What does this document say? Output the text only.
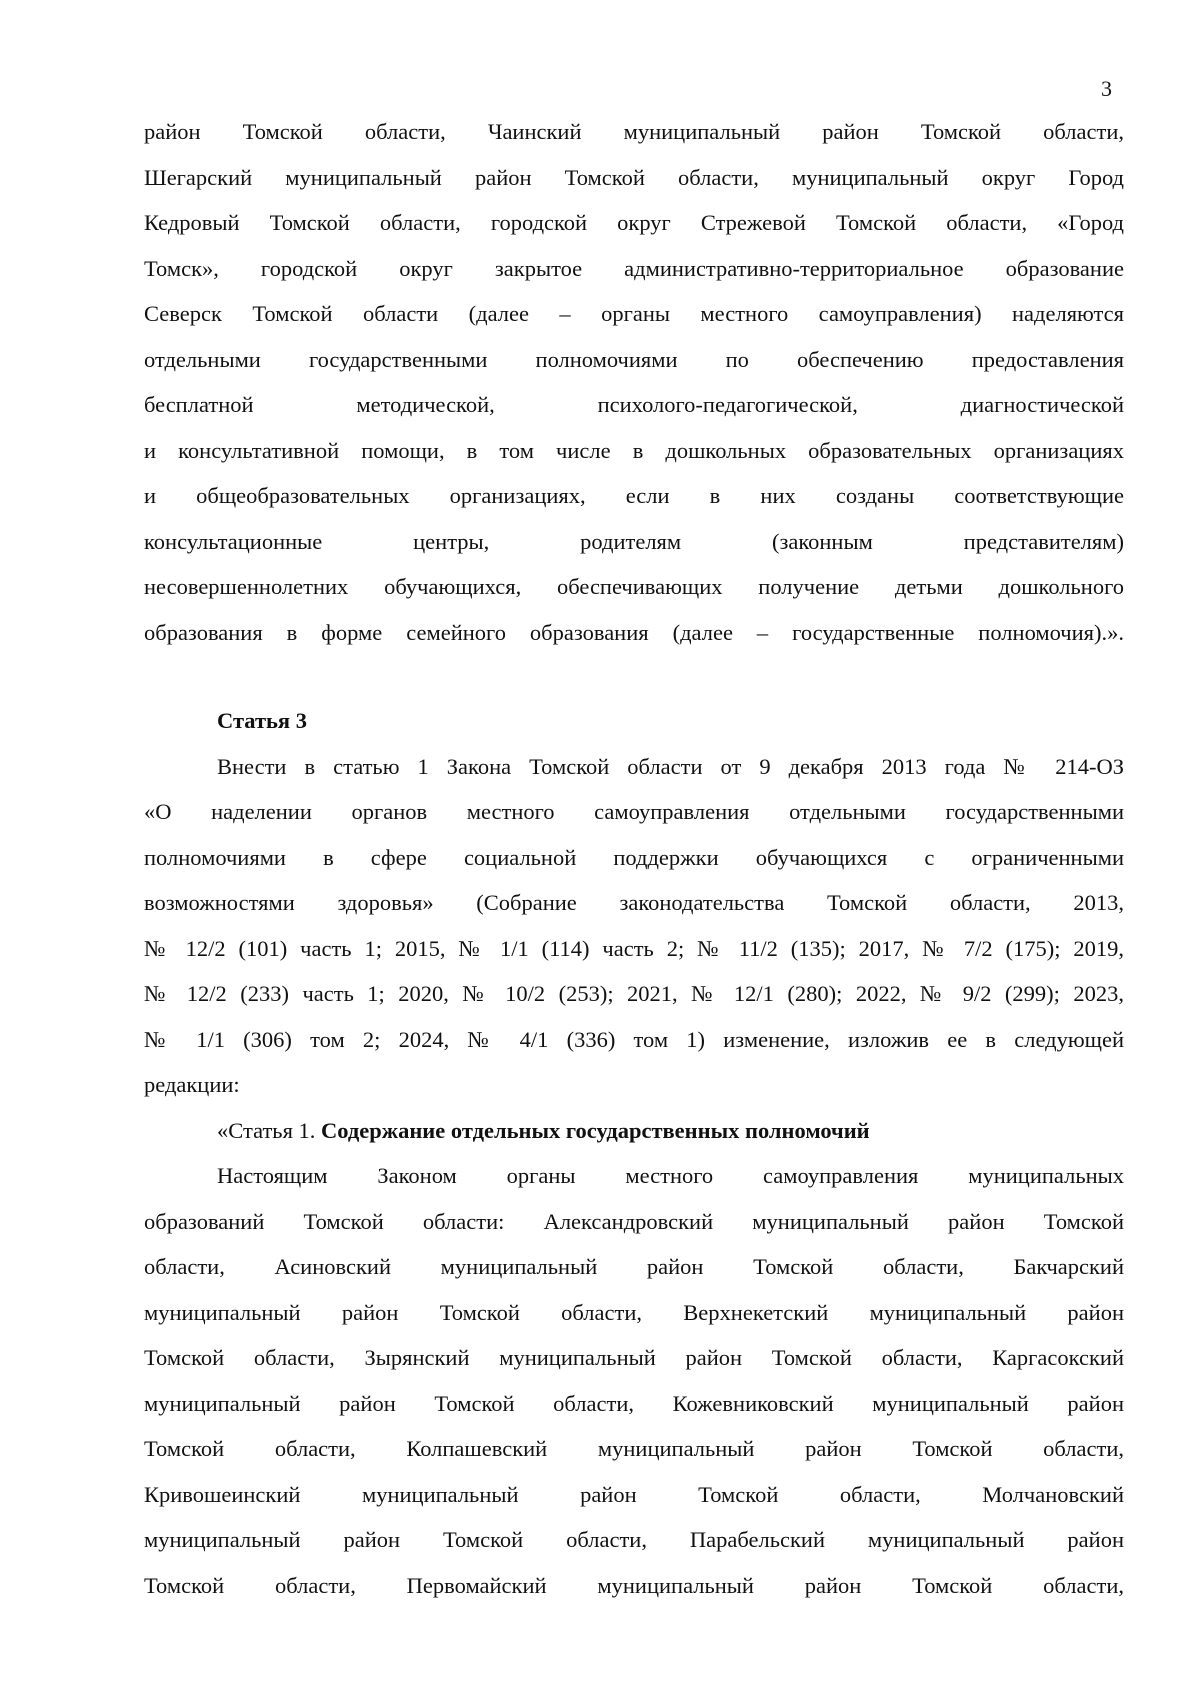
3
район Томской области, Чаинский муниципальный район Томской области,
Шегарский муниципальный район Томской области, муниципальный округ Город
Кедровый Томской области, городской округ Стрежевой Томской области, «Город
Томск», городской округ закрытое административно-территориальное образование
Северск Томской области (далее – органы местного самоуправления) наделяются
отдельными государственными полномочиями по обеспечению предоставления
бесплатной методической, психолого-педагогической, диагностической
и консультативной помощи, в том числе в дошкольных образовательных организациях
и общеобразовательных организациях, если в них созданы соответствующие
консультационные центры, родителям (законным представителям)
несовершеннолетних обучающихся, обеспечивающих получение детьми дошкольного
образования в форме семейного образования (далее – государственные полномочия).».

Статья 3

Внести в статью 1 Закона Томской области от 9 декабря 2013 года № 214-ОЗ
«О наделении органов местного самоуправления отдельными государственными
полномочиями в сфере социальной поддержки обучающихся с ограниченными
возможностями здоровья» (Собрание законодательства Томской области, 2013,
№ 12/2 (101) часть 1; 2015, № 1/1 (114) часть 2; № 11/2 (135); 2017, № 7/2 (175); 2019,
№ 12/2 (233) часть 1; 2020, № 10/2 (253); 2021, № 12/1 (280); 2022, № 9/2 (299); 2023,
№ 1/1 (306) том 2; 2024, № 4/1 (336) том 1) изменение, изложив ее в следующей
редакции:
«Статья 1. Содержание отдельных государственных полномочий
Настоящим Законом органы местного самоуправления муниципальных
образований Томской области: Александровский муниципальный район Томской
области, Асиновский муниципальный район Томской области, Бакчарский
муниципальный район Томской области, Верхнекетский муниципальный район
Томской области, Зырянский муниципальный район Томской области, Каргасокский
муниципальный район Томской области, Кожевниковский муниципальный район
Томской области, Колпашевский муниципальный район Томской области,
Кривошеинский муниципальный район Томской области, Молчановский
муниципальный район Томской области, Парабельский муниципальный район
Томской области, Первомайский муниципальный район Томской области,
